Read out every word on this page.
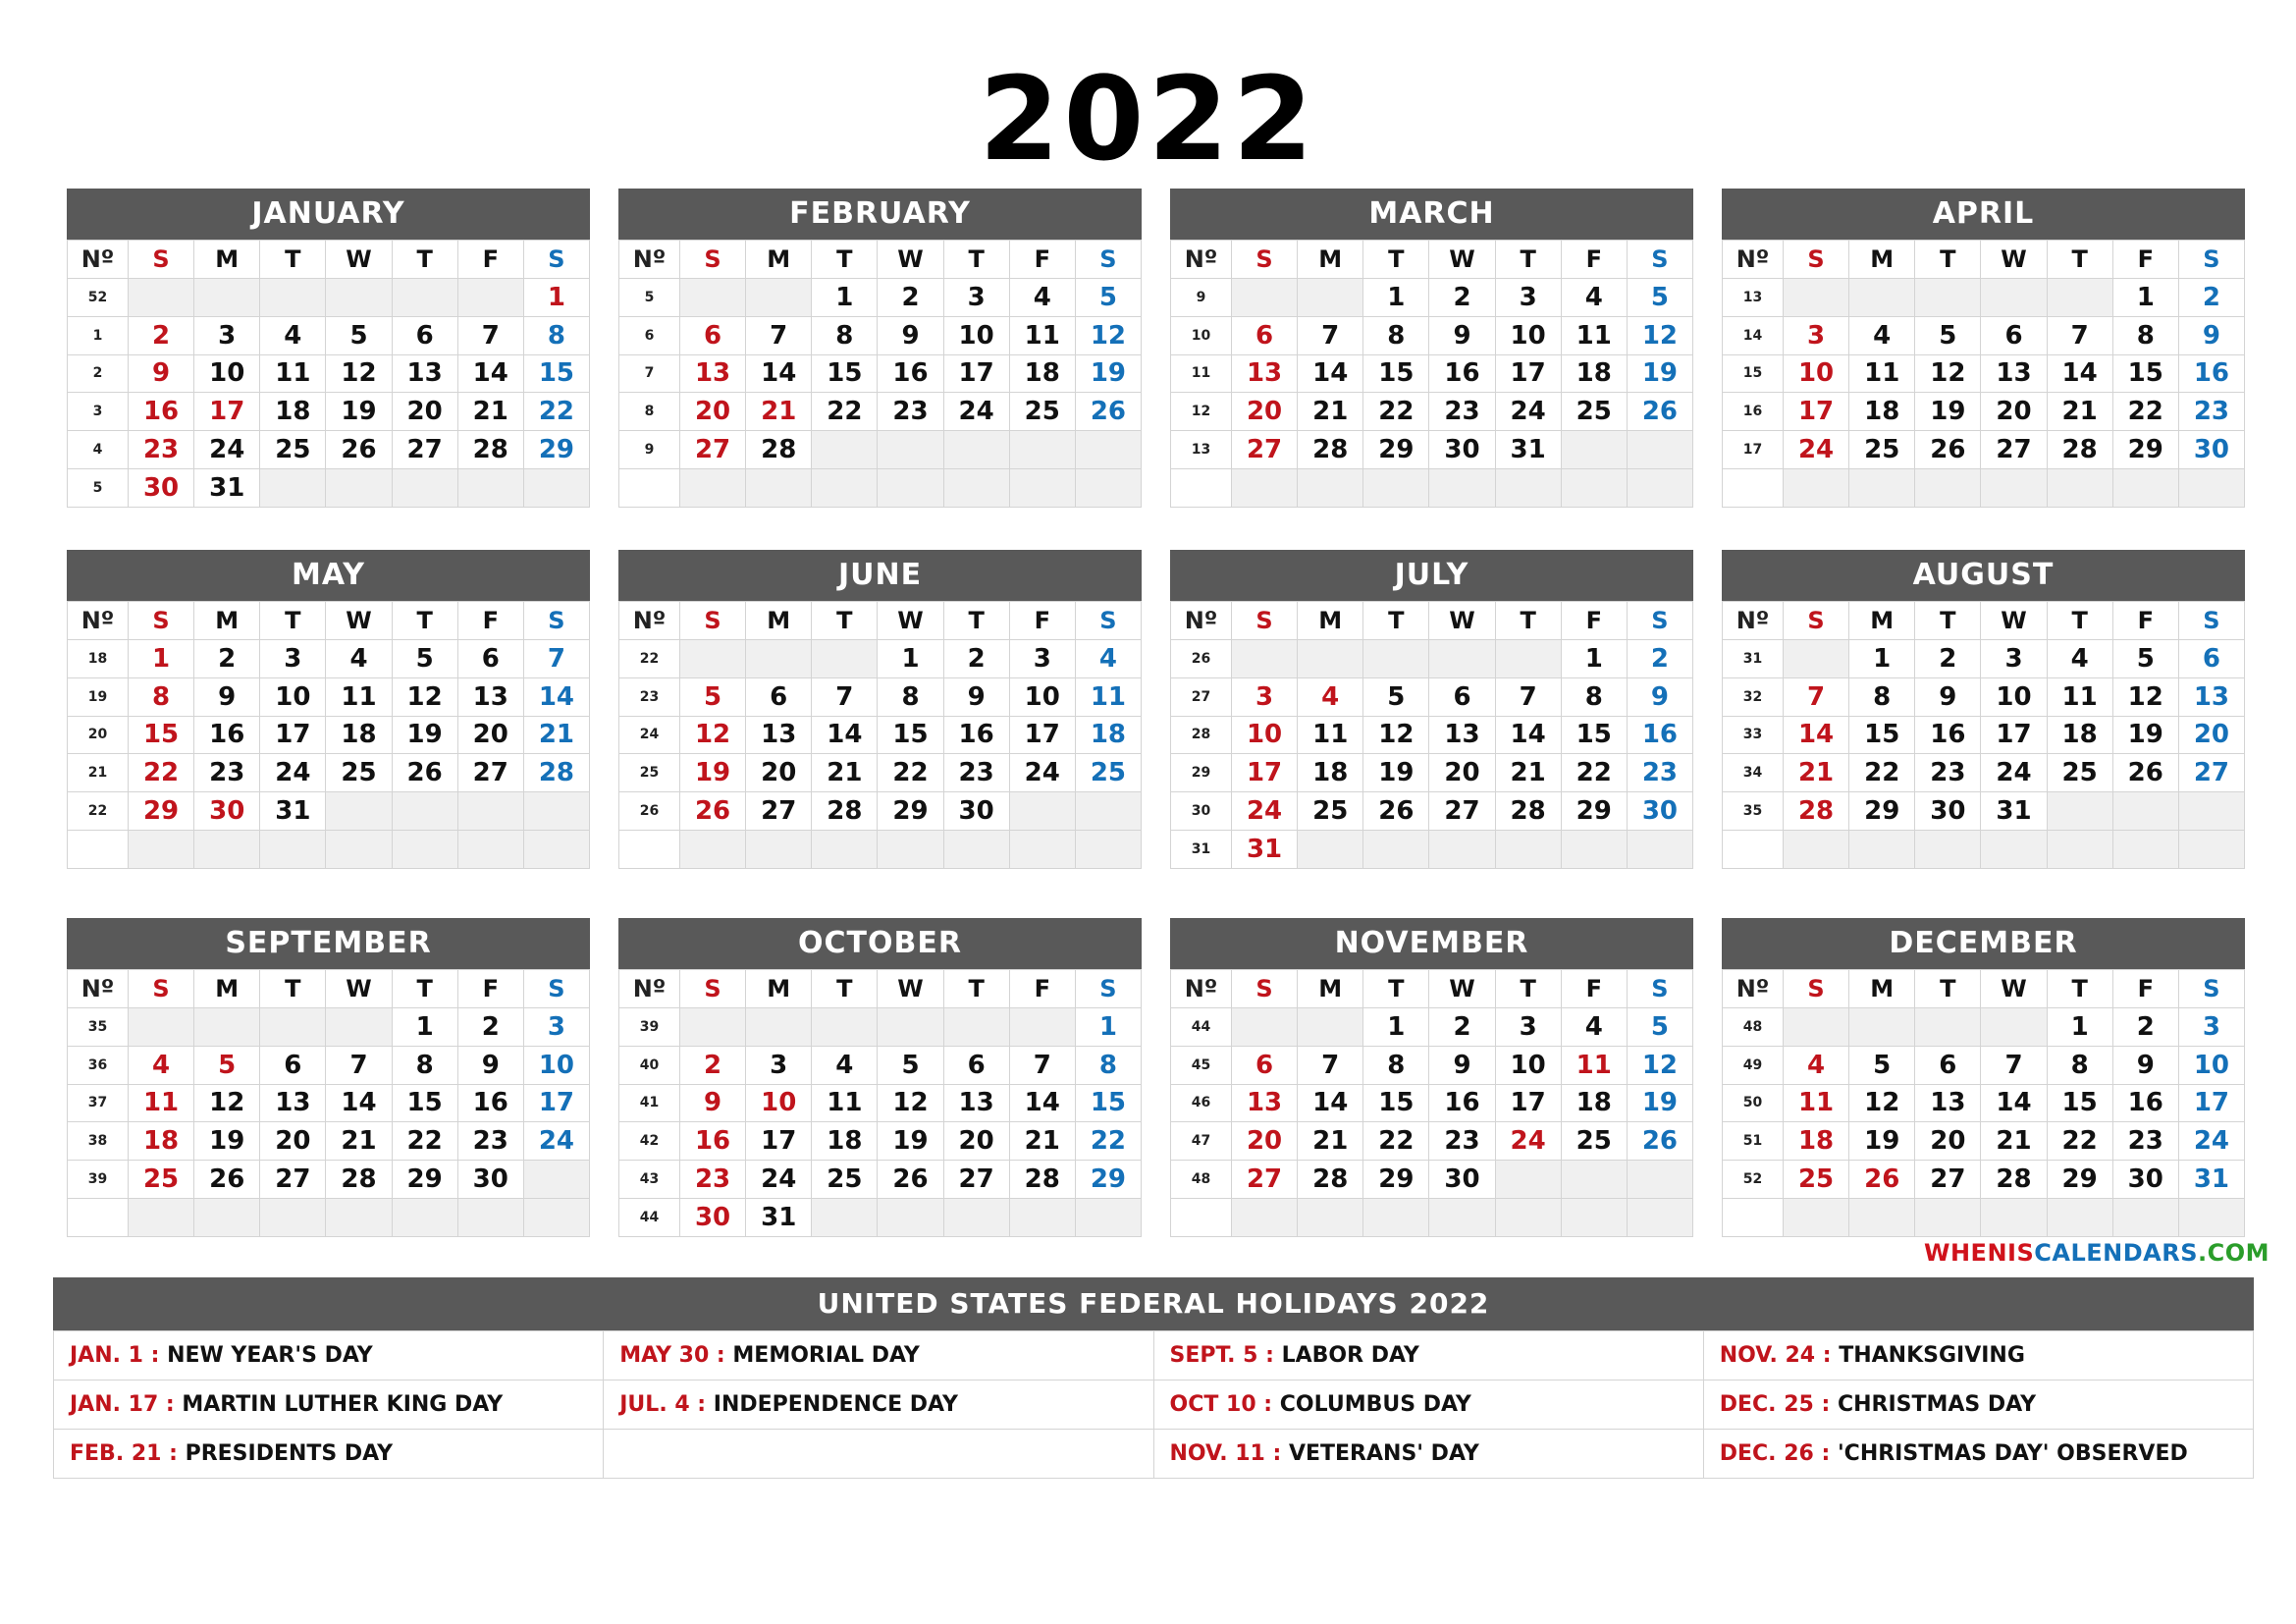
2022
JANUARY
Nº	S	M	T	W	T	F	S
52							1
1	2	3	4	5	6	7	8
2	9	10	11	12	13	14	15
3	16	17	18	19	20	21	22
4	23	24	25	26	27	28	29
5	30	31					
FEBRUARY
Nº	S	M	T	W	T	F	S
5			1	2	3	4	5
6	6	7	8	9	10	11	12
7	13	14	15	16	17	18	19
8	20	21	22	23	24	25	26
9	27	28					

MARCH
Nº	S	M	T	W	T	F	S
9			1	2	3	4	5
10	6	7	8	9	10	11	12
11	13	14	15	16	17	18	19
12	20	21	22	23	24	25	26
13	27	28	29	30	31		

APRIL
Nº	S	M	T	W	T	F	S
13						1	2
14	3	4	5	6	7	8	9
15	10	11	12	13	14	15	16
16	17	18	19	20	21	22	23
17	24	25	26	27	28	29	30

MAY
Nº	S	M	T	W	T	F	S
18	1	2	3	4	5	6	7
19	8	9	10	11	12	13	14
20	15	16	17	18	19	20	21
21	22	23	24	25	26	27	28
22	29	30	31				

JUNE
Nº	S	M	T	W	T	F	S
22				1	2	3	4
23	5	6	7	8	9	10	11
24	12	13	14	15	16	17	18
25	19	20	21	22	23	24	25
26	26	27	28	29	30		

JULY
Nº	S	M	T	W	T	F	S
26						1	2
27	3	4	5	6	7	8	9
28	10	11	12	13	14	15	16
29	17	18	19	20	21	22	23
30	24	25	26	27	28	29	30
31	31						
AUGUST
Nº	S	M	T	W	T	F	S
31		1	2	3	4	5	6
32	7	8	9	10	11	12	13
33	14	15	16	17	18	19	20
34	21	22	23	24	25	26	27
35	28	29	30	31			

SEPTEMBER
Nº	S	M	T	W	T	F	S
35					1	2	3
36	4	5	6	7	8	9	10
37	11	12	13	14	15	16	17
38	18	19	20	21	22	23	24
39	25	26	27	28	29	30	

OCTOBER
Nº	S	M	T	W	T	F	S
39							1
40	2	3	4	5	6	7	8
41	9	10	11	12	13	14	15
42	16	17	18	19	20	21	22
43	23	24	25	26	27	28	29
44	30	31					
NOVEMBER
Nº	S	M	T	W	T	F	S
44			1	2	3	4	5
45	6	7	8	9	10	11	12
46	13	14	15	16	17	18	19
47	20	21	22	23	24	25	26
48	27	28	29	30			

DECEMBER
Nº	S	M	T	W	T	F	S
48					1	2	3
49	4	5	6	7	8	9	10
50	11	12	13	14	15	16	17
51	18	19	20	21	22	23	24
52	25	26	27	28	29	30	31

WHENISCALENDARS.COM
UNITED STATES FEDERAL HOLIDAYS 2022
JAN. 1 : NEW YEAR'S DAY	MAY 30 : MEMORIAL DAY	SEPT. 5 : LABOR DAY	NOV. 24 : THANKSGIVING
JAN. 17 : MARTIN LUTHER KING DAY	JUL. 4 : INDEPENDENCE DAY	OCT 10 : COLUMBUS DAY	DEC. 25 : CHRISTMAS DAY
FEB. 21 : PRESIDENTS DAY		NOV. 11 : VETERANS' DAY	DEC. 26 : 'CHRISTMAS DAY' OBSERVED
